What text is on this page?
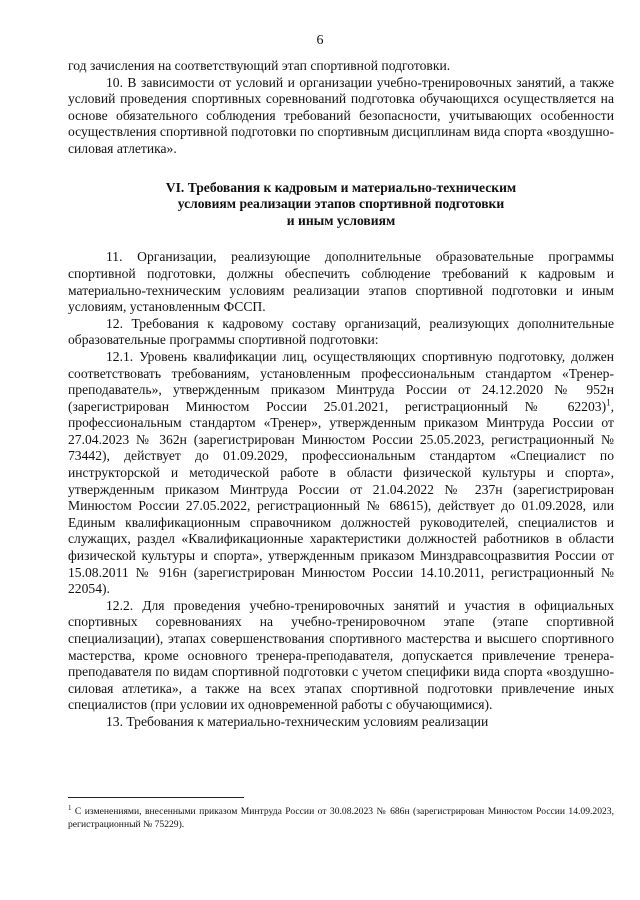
6

год зачисления на соответствующий этап спортивной подготовки.

10. В зависимости от условий и организации учебно-тренировочных занятий, а также условий проведения спортивных соревнований подготовка обучающихся осуществляется на основе обязательного соблюдения требований безопасности, учитывающих особенности осуществления спортивной подготовки по спортивным дисциплинам вида спорта «воздушно-силовая атлетика».

VI. Требования к кадровым и материально-техническим
условиям реализации этапов спортивной подготовки
и иным условиям

11. Организации, реализующие дополнительные образовательные программы спортивной подготовки, должны обеспечить соблюдение требований к кадровым и материально-техническим условиям реализации этапов спортивной подготовки и иным условиям, установленным ФССП.

12. Требования к кадровому составу организаций, реализующих дополнительные образовательные программы спортивной подготовки:

12.1. Уровень квалификации лиц, осуществляющих спортивную подготовку, должен соответствовать требованиям, установленным профессиональным стандартом «Тренер-преподаватель», утвержденным приказом Минтруда России от 24.12.2020 № 952н (зарегистрирован Минюстом России 25.01.2021, регистрационный № 62203)$^1$, профессиональным стандартом «Тренер», утвержденным приказом Минтруда России от 27.04.2023 № 362н (зарегистрирован Минюстом России 25.05.2023, регистрационный № 73442), действует до 01.09.2029, профессиональным стандартом «Специалист по инструкторской и методической работе в области физической культуры и спорта», утвержденным приказом Минтруда России от 21.04.2022 № 237н (зарегистрирован Минюстом России 27.05.2022, регистрационный № 68615), действует до 01.09.2028, или Единым квалификационным справочником должностей руководителей, специалистов и служащих, раздел «Квалификационные характеристики должностей работников в области физической культуры и спорта», утвержденным приказом Минздравсоцразвития России от 15.08.2011 № 916н (зарегистрирован Минюстом России 14.10.2011, регистрационный № 22054).

12.2. Для проведения учебно-тренировочных занятий и участия в официальных спортивных соревнованиях на учебно-тренировочном этапе (этапе спортивной специализации), этапах совершенствования спортивного мастерства и высшего спортивного мастерства, кроме основного тренера-преподавателя, допускается привлечение тренера-преподавателя по видам спортивной подготовки с учетом специфики вида спорта «воздушно-силовая атлетика», а также на всех этапах спортивной подготовки привлечение иных специалистов (при условии их одновременной работы с обучающимися).

13. Требования к материально-техническим условиям реализации

$^1$ С изменениями, внесенными приказом Минтруда России от 30.08.2023 № 686н (зарегистрирован Минюстом России 14.09.2023, регистрационный № 75229).
